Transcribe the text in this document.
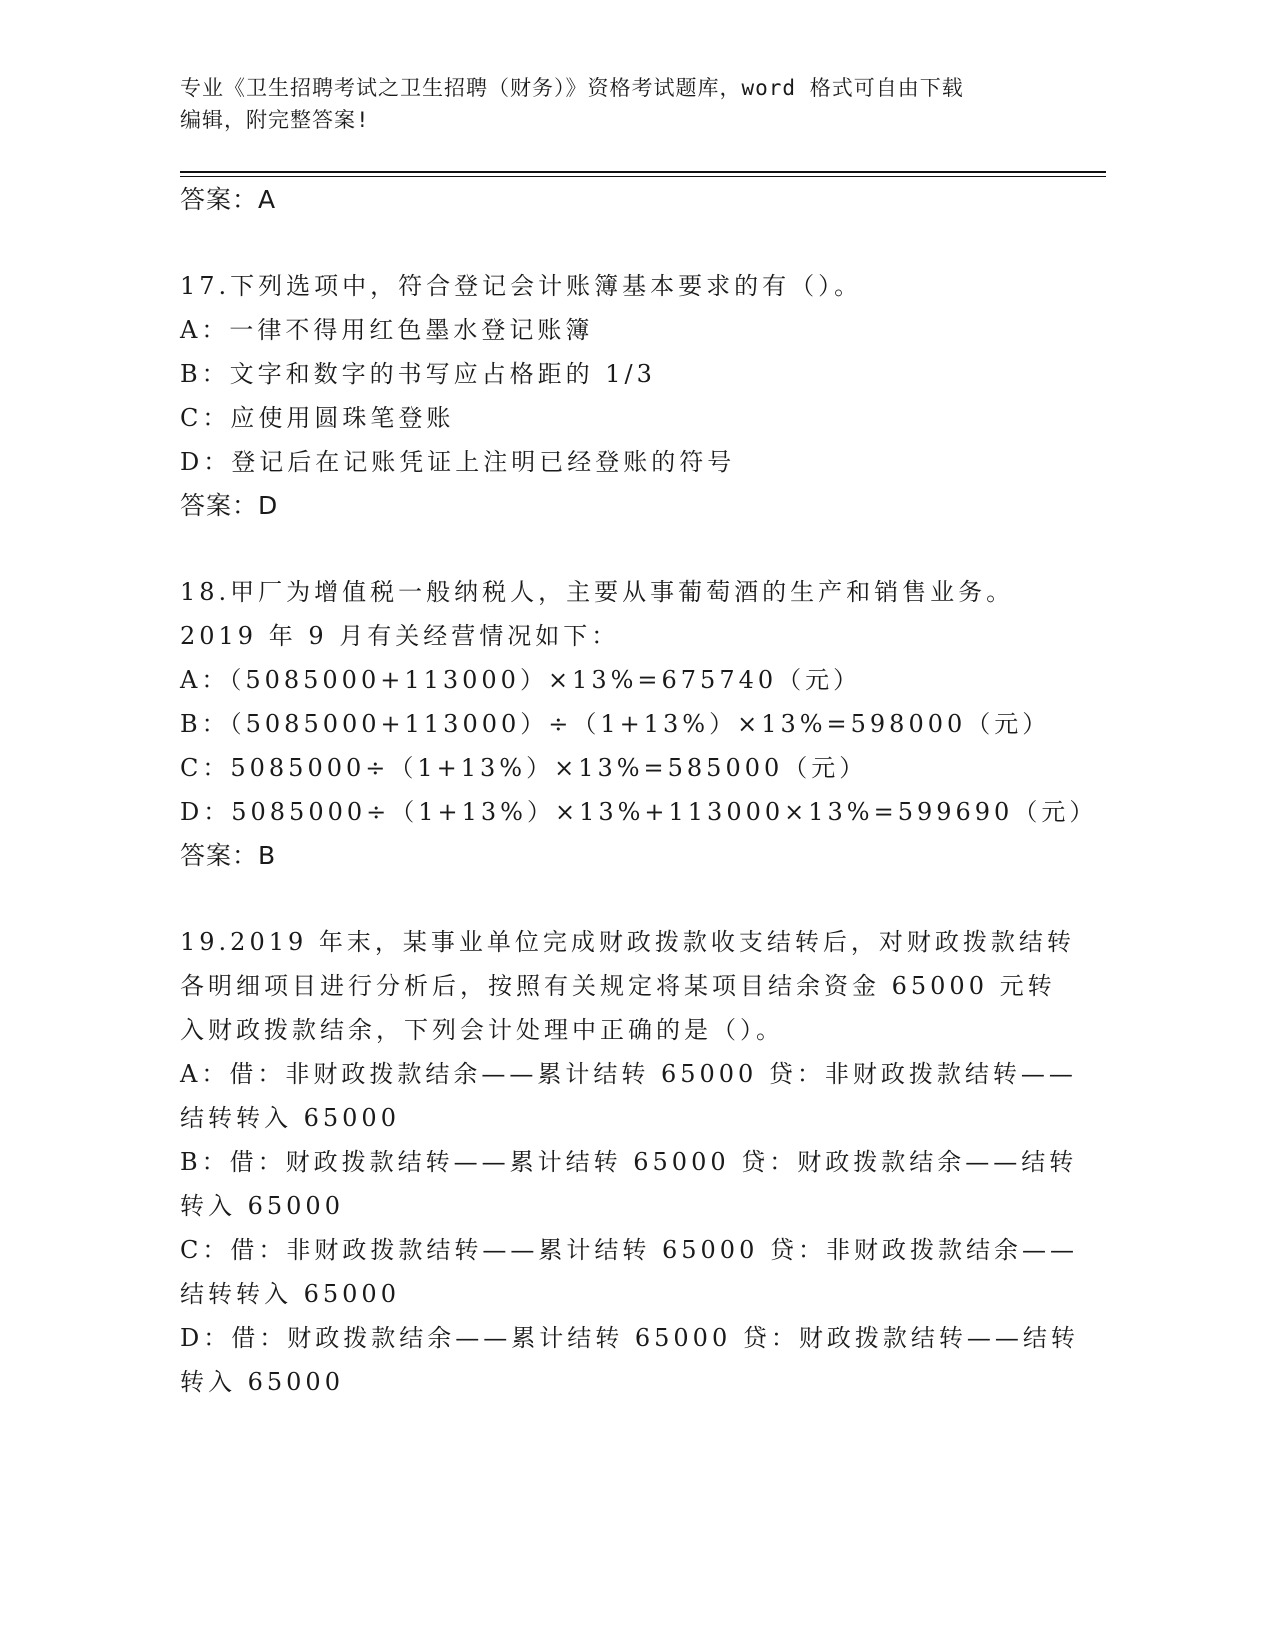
专业《卫生招聘考试之卫生招聘（财务）》资格考试题库，word 格式可自由下载
编辑，附完整答案!
答案：A
17.下列选项中，符合登记会计账簿基本要求的有（）。
A：一律不得用红色墨水登记账簿
B：文字和数字的书写应占格距的 1/3
C：应使用圆珠笔登账
D：登记后在记账凭证上注明已经登账的符号
答案：D
18.甲厂为增值税一般纳税人，主要从事葡萄酒的生产和销售业务。
2019 年 9 月有关经营情况如下：
A：（5085000+113000）×13%=675740（元）
B：（5085000+113000）÷（1+13%）×13%=598000（元）
C：5085000÷（1+13%）×13%=585000（元）
D：5085000÷（1+13%）×13%+113000×13%=599690（元）
答案：B
19.2019 年末，某事业单位完成财政拨款收支结转后，对财政拨款结转
各明细项目进行分析后，按照有关规定将某项目结余资金 65000 元转
入财政拨款结余，下列会计处理中正确的是（）。
A：借：非财政拨款结余——累计结转 65000 贷：非财政拨款结转——
结转转入 65000
B：借：财政拨款结转——累计结转 65000 贷：财政拨款结余——结转
转入 65000
C：借：非财政拨款结转——累计结转 65000 贷：非财政拨款结余——
结转转入 65000
D：借：财政拨款结余——累计结转 65000 贷：财政拨款结转——结转
转入 65000
